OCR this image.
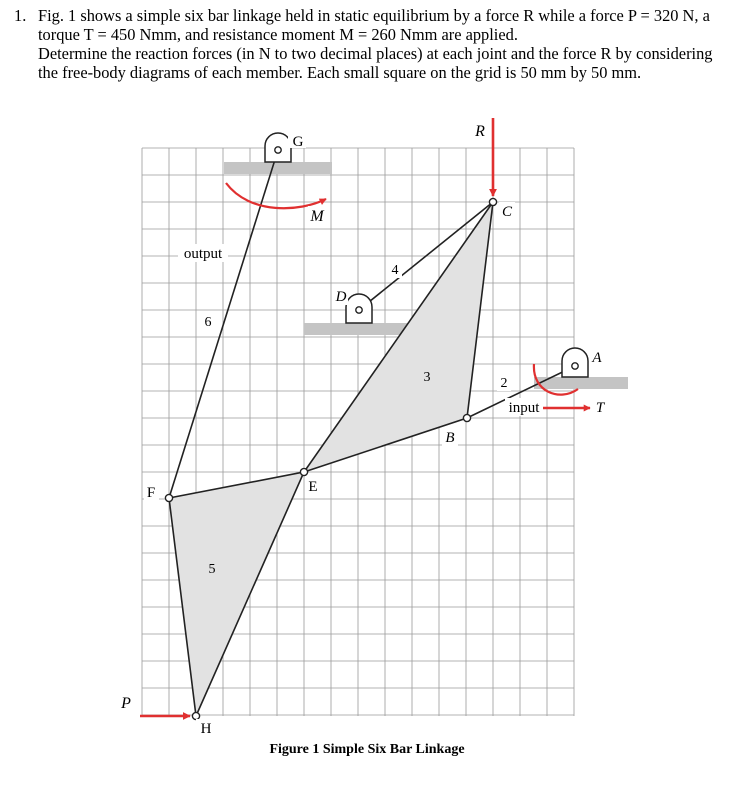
1. Fig. 1 shows a simple six bar linkage held in static equilibrium by a force R while a force P = 320 N, a torque T = 450 Nmm, and resistance moment M = 260 Nmm are applied.

Determine the reaction forces (in N to two decimal places) at each joint and the force R by considering the free-body diagrams of each member. Each small square on the grid is 50 mm by 50 mm.

output
input
C
E
F
G
B
D
A
H
6
4
3	2
5
R
P
T
M
Figure 1 Simple Six Bar Linkage
